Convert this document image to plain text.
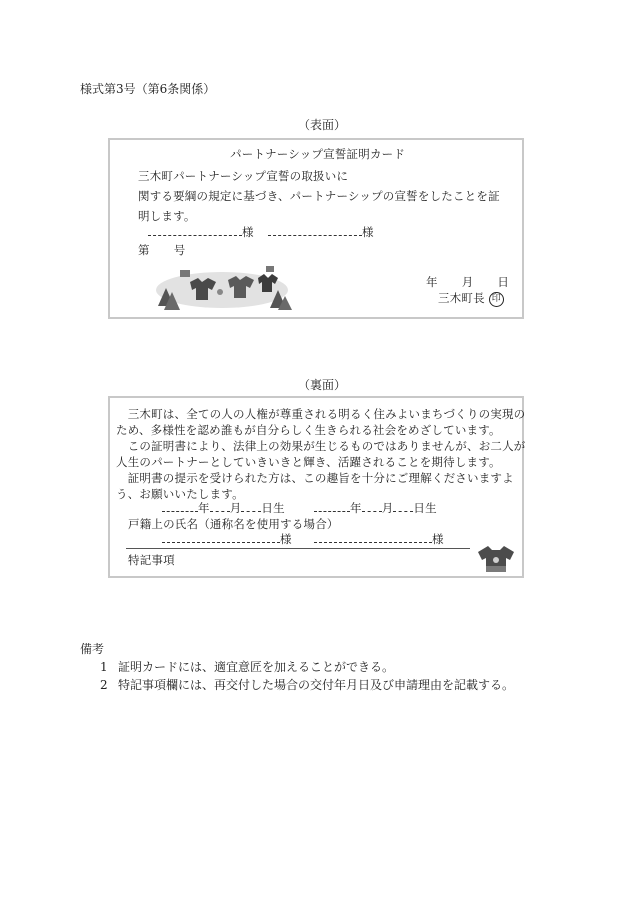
様式第3号（第6条関係）
（表面）
パートナーシップ宣誓証明カード
三木町パートナーシップ宣誓の取扱いに
関する要綱の規定に基づき、パートナーシップの宣誓をしたことを証
明します。
様	様
第 号
年 月 日
三木町長 印
（裏面）
　三木町は、全ての人の人権が尊重される明るく住みよいまちづくりの実現の
ため、多様性を認め誰もが自分らしく生きられる社会をめざしています。
　この証明書により、法律上の効果が生じるものではありませんが、お二人が
人生のパートナーとしていきいきと輝き、活躍されることを期待します。
　証明書の提示を受けられた方は、この趣旨を十分にご理解くださいますよ
う、お願いいたします。
年 月 日生	年 月 日生
戸籍上の氏名（通称名を使用する場合）
様	様
特記事項
備考
1 証明カードには、適宜意匠を加えることができる。
2 特記事項欄には、再交付した場合の交付年月日及び申請理由を記載する。
